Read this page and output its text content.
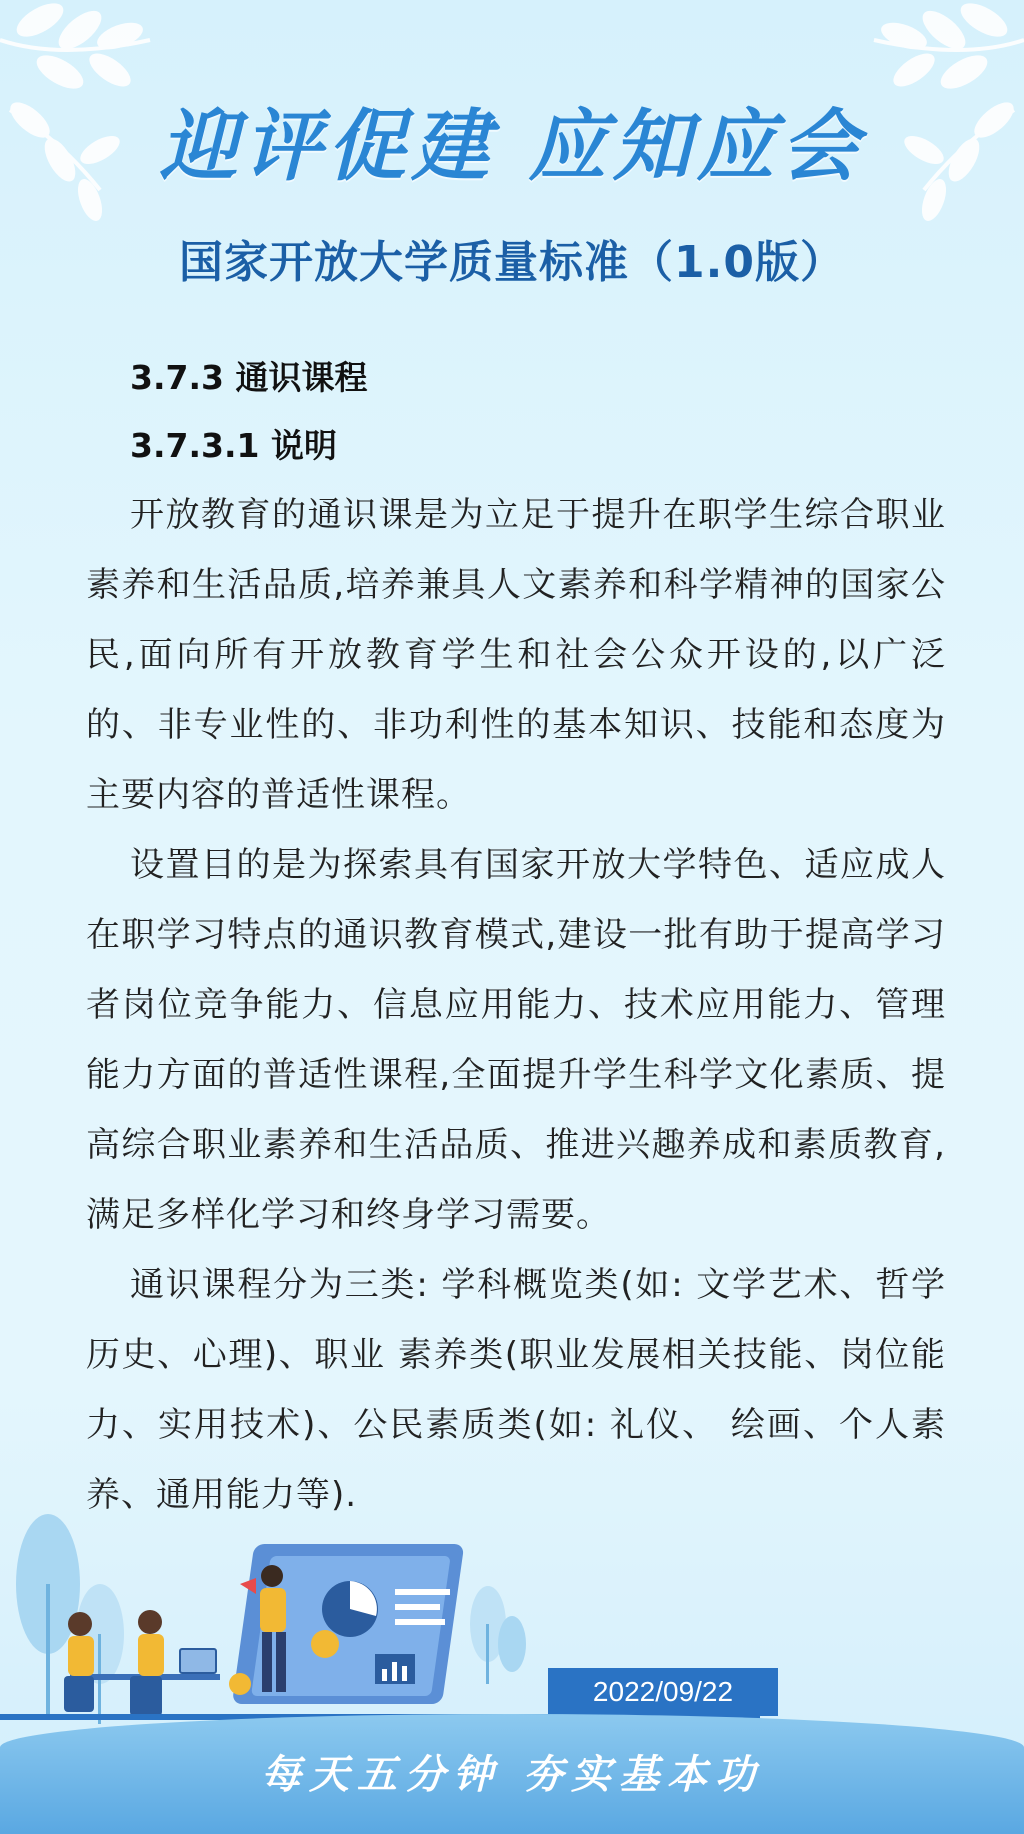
迎评促建 应知应会
国家开放大学质量标准（1.0版）
3.7.3 通识课程
3.7.3.1 说明

开放教育的通识课是为立足于提升在职学生综合职业素养和生活品质,培养兼具人文素养和科学精神的国家公民,面向所有开放教育学生和社会公众开设的,以广泛的、非专业性的、非功利性的基本知识、技能和态度为主要内容的普适性课程。

设置目的是为探索具有国家开放大学特色、适应成人在职学习特点的通识教育模式,建设一批有助于提高学习者岗位竞争能力、信息应用能力、技术应用能力、管理能力方面的普适性课程,全面提升学生科学文化素质、提高综合职业素养和生活品质、推进兴趣养成和素质教育,满足多样化学习和终身学习需要。

通识课程分为三类: 学科概览类(如: 文学艺术、哲学历史、心理)、职业 素养类(职业发展相关技能、岗位能力、实用技术)、公民素质类(如: 礼仪、 绘画、个人素养、通用能力等).

2022/09/22
每天五分钟 夯实基本功
